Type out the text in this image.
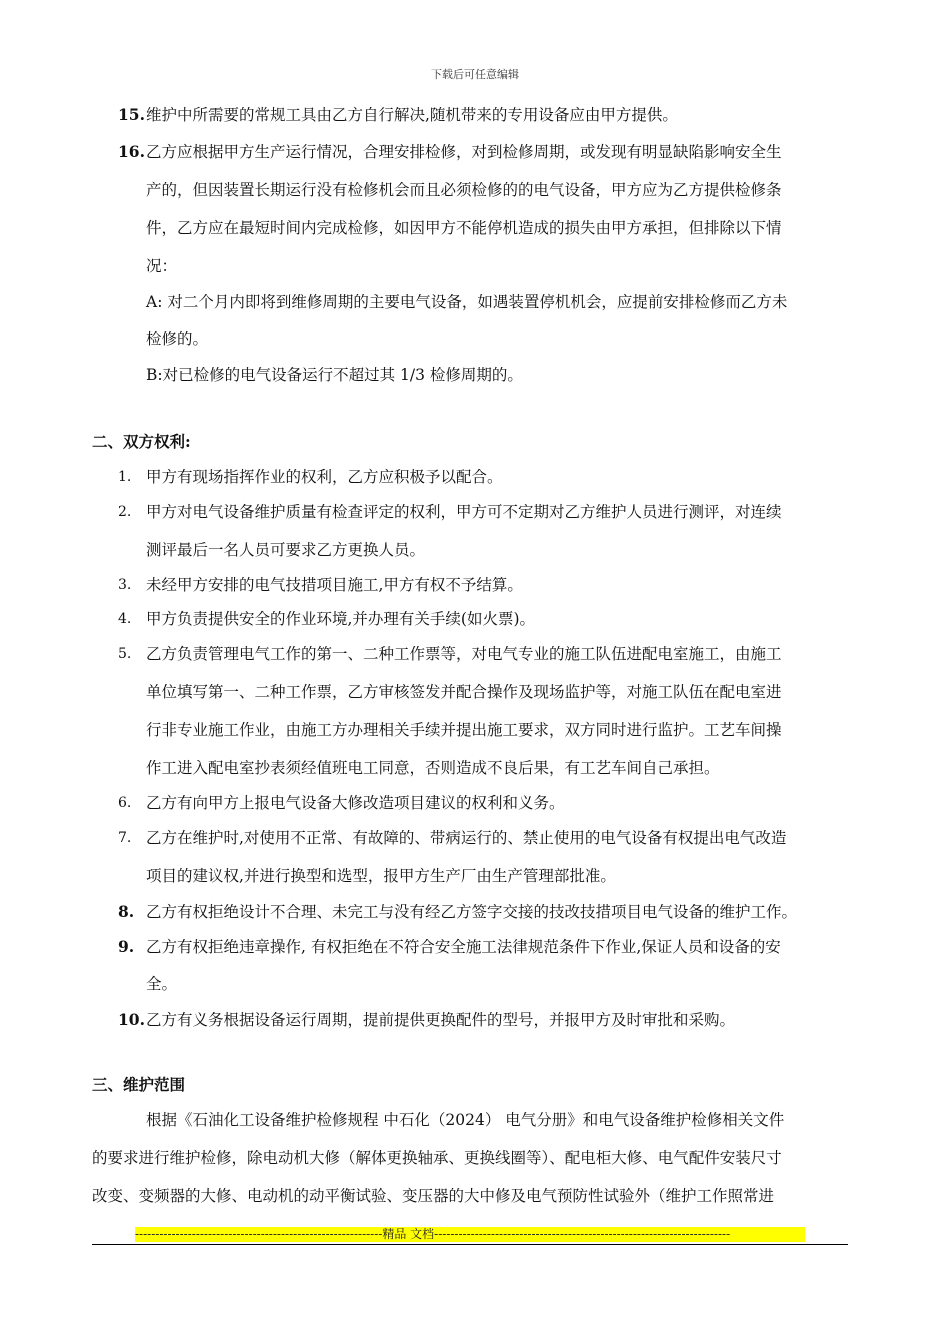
下载后可任意编辑
15. 维护中所需要的常规工具由乙方自行解决,随机带来的专用设备应由甲方提供。
16. 乙方应根据甲方生产运行情况，合理安排检修，对到检修周期，或发现有明显缺陷影响安全生
产的，但因装置长期运行没有检修机会而且必须检修的的电气设备，甲方应为乙方提供检修条
件，乙方应在最短时间内完成检修，如因甲方不能停机造成的损失由甲方承担，但排除以下情
况：
A: 对二个月内即将到维修周期的主要电气设备，如遇装置停机机会，应提前安排检修而乙方未
检修的。
B:对已检修的电气设备运行不超过其 1/3 检修周期的。
二、双方权利:
1. 甲方有现场指挥作业的权利，乙方应积极予以配合。
2. 甲方对电气设备维护质量有检查评定的权利，甲方可不定期对乙方维护人员进行测评，对连续
测评最后一名人员可要求乙方更换人员。
3. 未经甲方安排的电气技措项目施工,甲方有权不予结算。
4. 甲方负责提供安全的作业环境,并办理有关手续(如火票)。
5. 乙方负责管理电气工作的第一、二种工作票等，对电气专业的施工队伍进配电室施工，由施工
单位填写第一、二种工作票，乙方审核签发并配合操作及现场监护等，对施工队伍在配电室进
行非专业施工作业，由施工方办理相关手续并提出施工要求，双方同时进行监护。工艺车间操
作工进入配电室抄表须经值班电工同意，否则造成不良后果，有工艺车间自己承担。
6. 乙方有向甲方上报电气设备大修改造项目建议的权利和义务。
7. 乙方在维护时,对使用不正常、有故障的、带病运行的、禁止使用的电气设备有权提出电气改造
项目的建议权,并进行换型和选型，报甲方生产厂由生产管理部批准。
8. 乙方有权拒绝设计不合理、未完工与没有经乙方签字交接的技改技措项目电气设备的维护工作。
9. 乙方有权拒绝违章操作, 有权拒绝在不符合安全施工法律规范条件下作业,保证人员和设备的安
全。
10. 乙方有义务根据设备运行周期，提前提供更换配件的型号，并报甲方及时审批和采购。
三、维护范围
根据《石油化工设备维护检修规程 中石化（2024） 电气分册》和电气设备维护检修相关文件
的要求进行维护检修，除电动机大修（解体更换轴承、更换线圈等）、配电柜大修、电气配件安装尺寸
改变、变频器的大修、电动机的动平衡试验、变压器的大中修及电气预防性试验外（维护工作照常进
-------------------------------------------------------------精品 文档-------------------------------------------------------------------------
